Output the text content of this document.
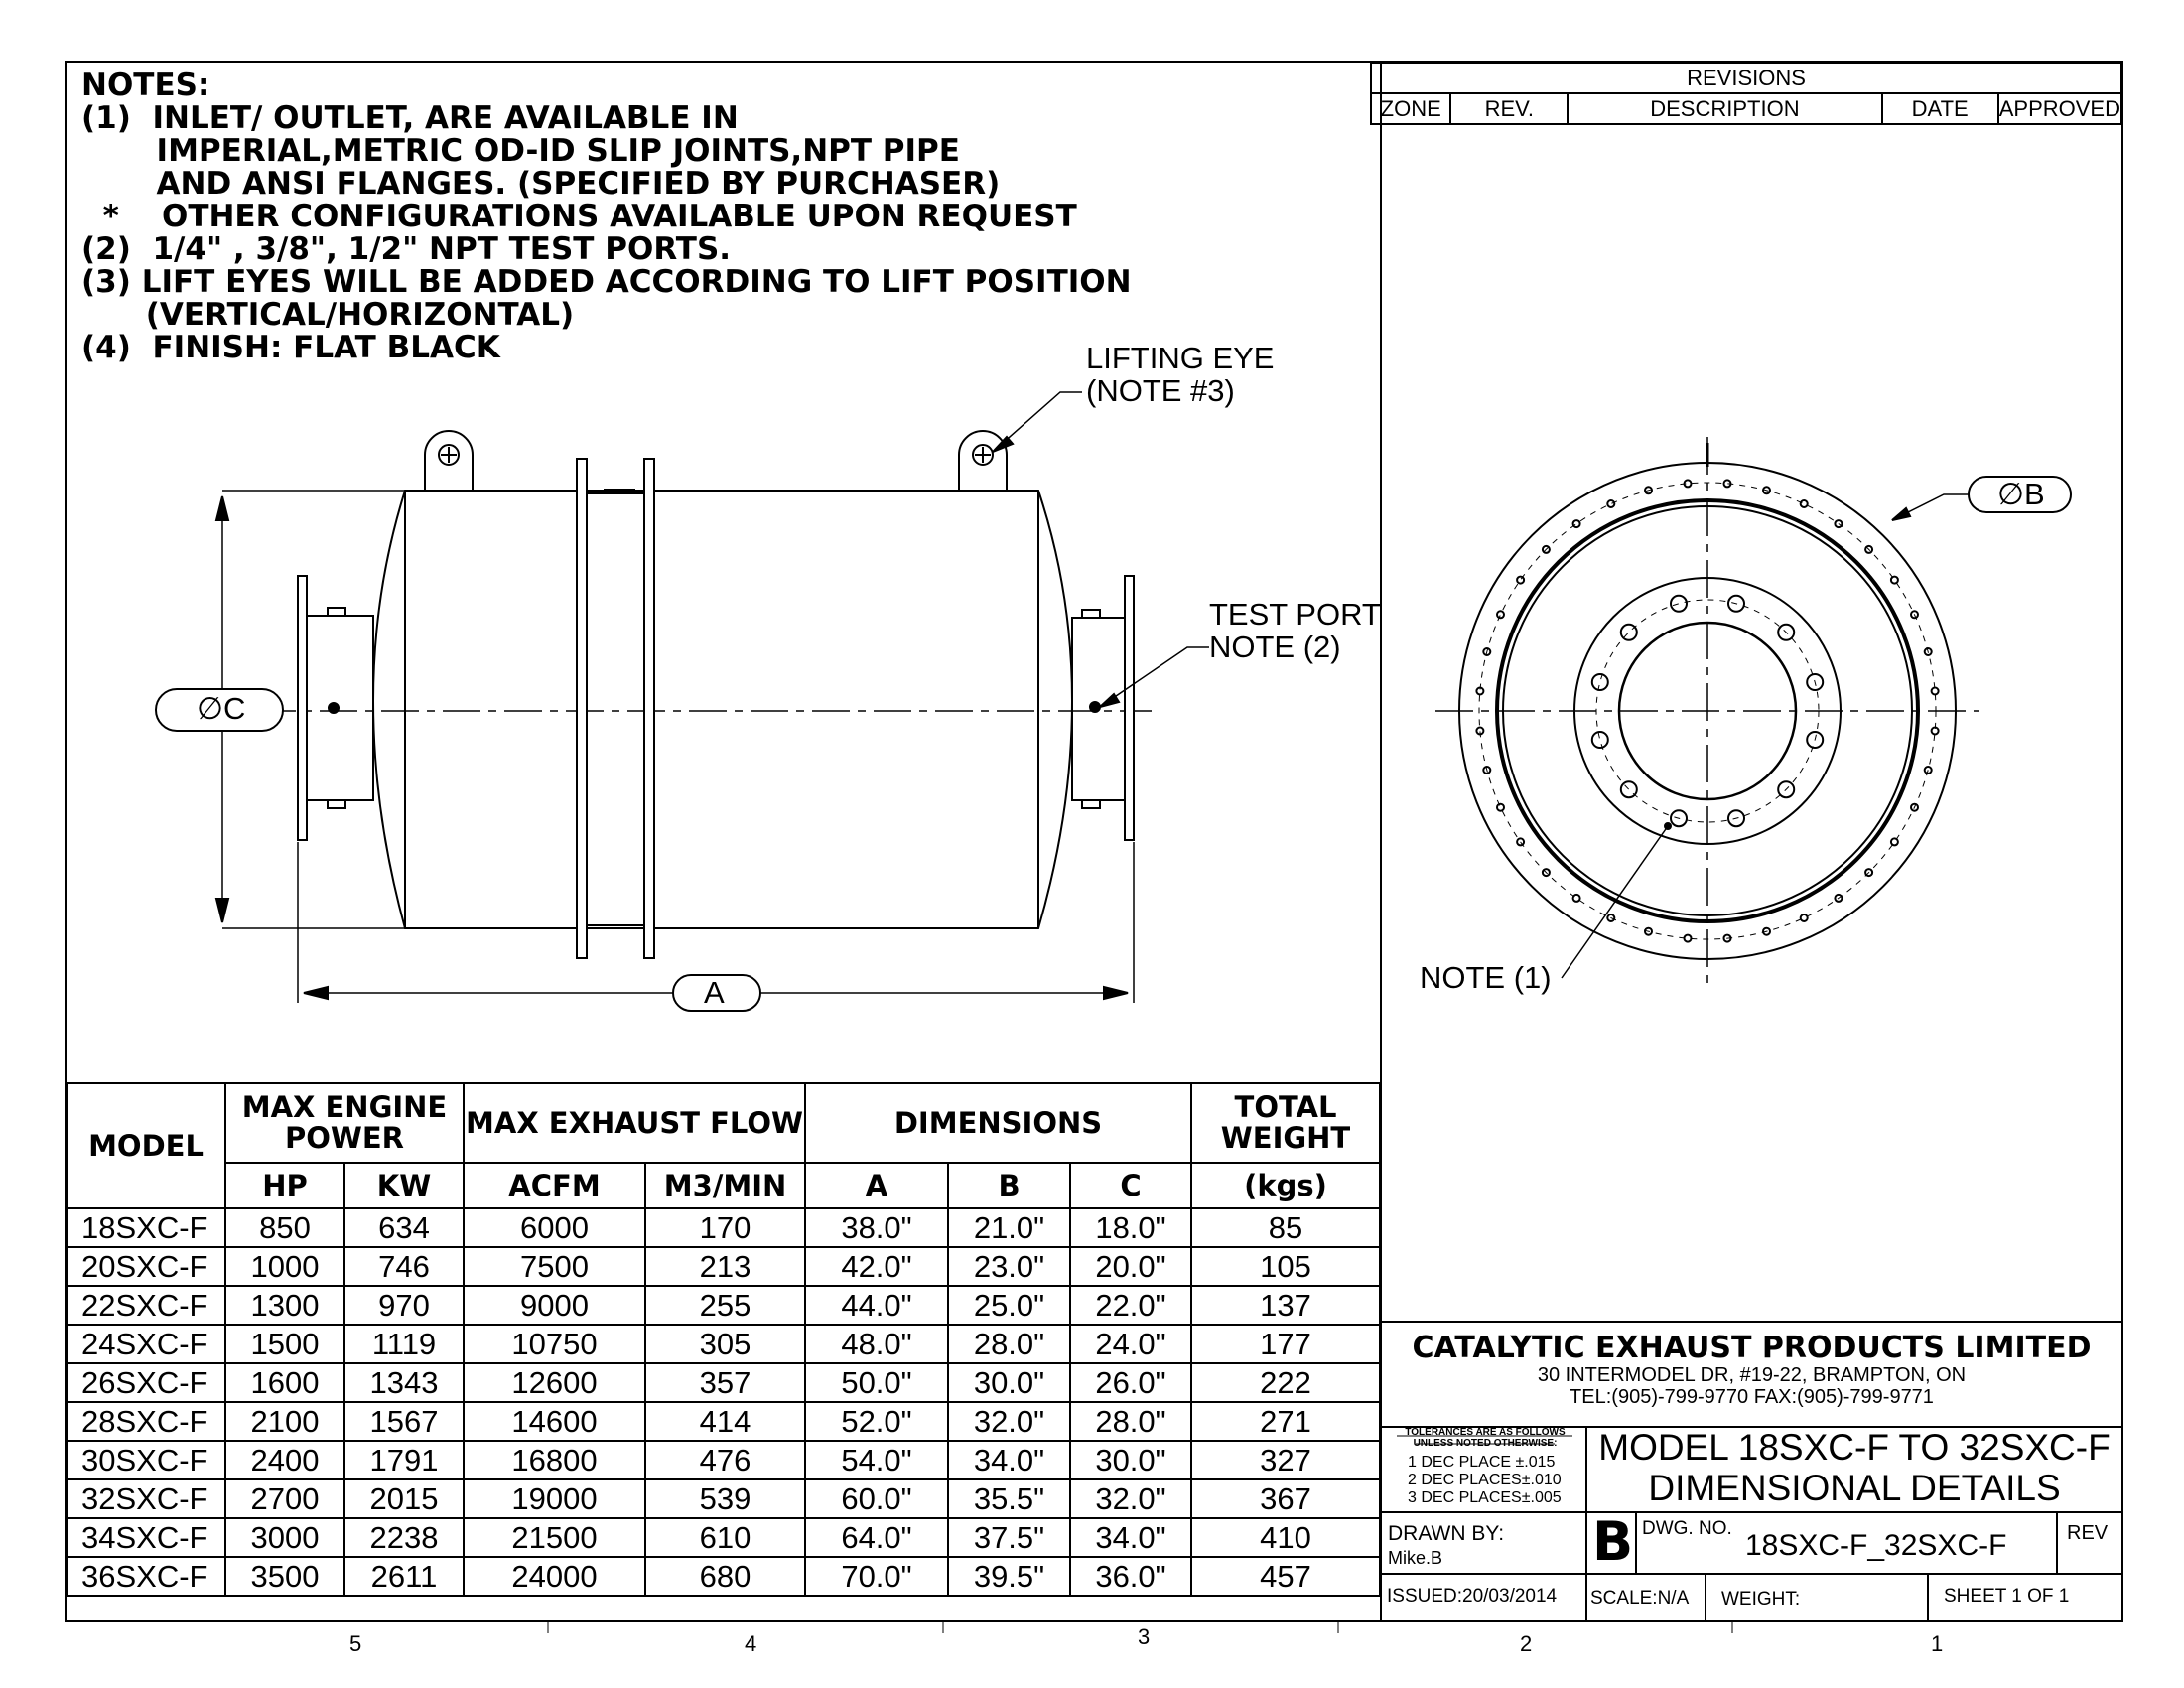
NOTES:
(1)  INLET/ OUTLET, ARE AVAILABLE IN
IMPERIAL,METRIC OD-ID SLIP JOINTS,NPT PIPE
AND ANSI FLANGES. (SPECIFIED BY PURCHASER)
*    OTHER CONFIGURATIONS AVAILABLE UPON REQUEST
(2)  1/4" , 3/8", 1/2" NPT TEST PORTS.
(3) LIFT EYES WILL BE ADDED ACCORDING TO LIFT POSITION
(VERTICAL/HORIZONTAL)
(4)  FINISH: FLAT BLACK	LIFTING EYE
(NOTE #3)
TEST PORT
NOTE (2)
NOTE (1)
∅C
A
∅B
REVISIONS
ZONE	REV.	DESCRIPTION	DATE	APPROVED
MODEL	MAX ENGINE POWER		MAX EXHAUST FLOW		DIMENSIONS			TOTAL WEIGHT
	HP	KW	ACFM	M3/MIN	A	B	C	(kgs)
18SXC-F	850	634	6000	170	38.0"	21.0"	18.0"	85
20SXC-F	1000	746	7500	213	42.0"	23.0"	20.0"	105
22SXC-F	1300	970	9000	255	44.0"	25.0"	22.0"	137
24SXC-F	1500	1119	10750	305	48.0"	28.0"	24.0"	177
26SXC-F	1600	1343	12600	357	50.0"	30.0"	26.0"	222
28SXC-F	2100	1567	14600	414	52.0"	32.0"	28.0"	271
30SXC-F	2400	1791	16800	476	54.0"	34.0"	30.0"	327
32SXC-F	2700	2015	19000	539	60.0"	35.5"	32.0"	367
34SXC-F	3000	2238	21500	610	64.0"	37.5"	34.0"	410
36SXC-F	3500	2611	24000	680	70.0"	39.5"	36.0"	457
CATALYTIC EXHAUST PRODUCTS LIMITED
30 INTERMODEL DR, #19-22, BRAMPTON, ON
TEL:(905)-799-9770 FAX:(905)-799-9771
TOLERANCES ARE AS FOLLOWS
UNLESS NOTED OTHERWISE:
1 DEC PLACE ±.015
2 DEC PLACES±.010
3 DEC PLACES±.005
MODEL 18SXC-F TO 32SXC-F
DIMENSIONAL DETAILS
DRAWN BY:
Mike.B	B DWG. NO.
18SXC-F_32SXC-F	REV
ISSUED:20/03/2014 SCALE:N/A WEIGHT:	SHEET 1 OF 1
5	4	3	2	1
